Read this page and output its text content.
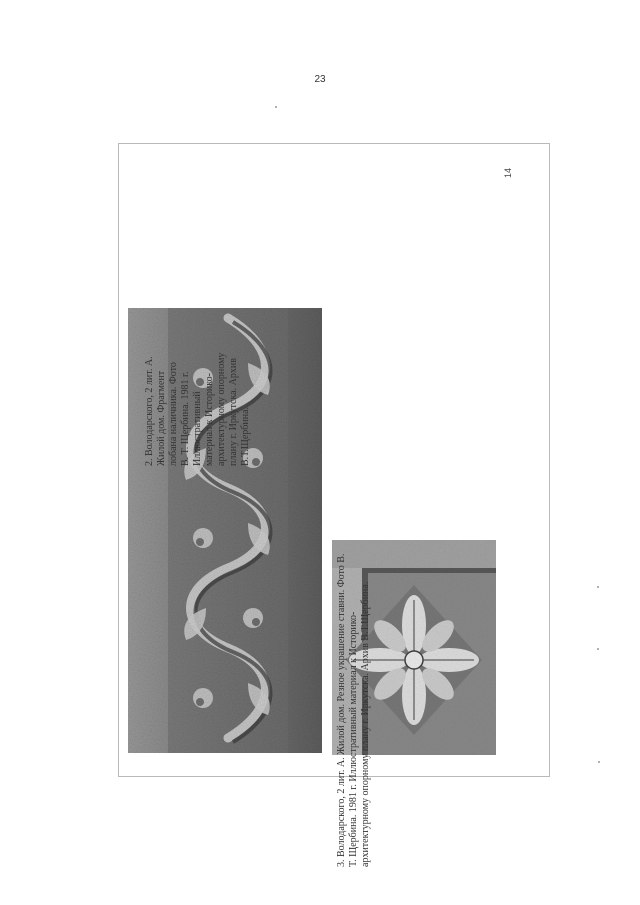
23
2. Володарского, 2 лит. А. Жилой дом. Фрагмент лобана наличника. Фото В. Т. Щербина. 1981 г. Иллюстративный материал к Историко- архитектурному опорному плану г. Иркутска. Архив В.Т.Щербина.
3. Володарского, 2 лит. А. Жилой дом. Резное украшение ставни. Фото В. Т. Щербина. 1981 г. Иллюстративный материал к Историко- архитектурному опорному плану г. Иркутска. Архив В.Т.Щербина.
14
